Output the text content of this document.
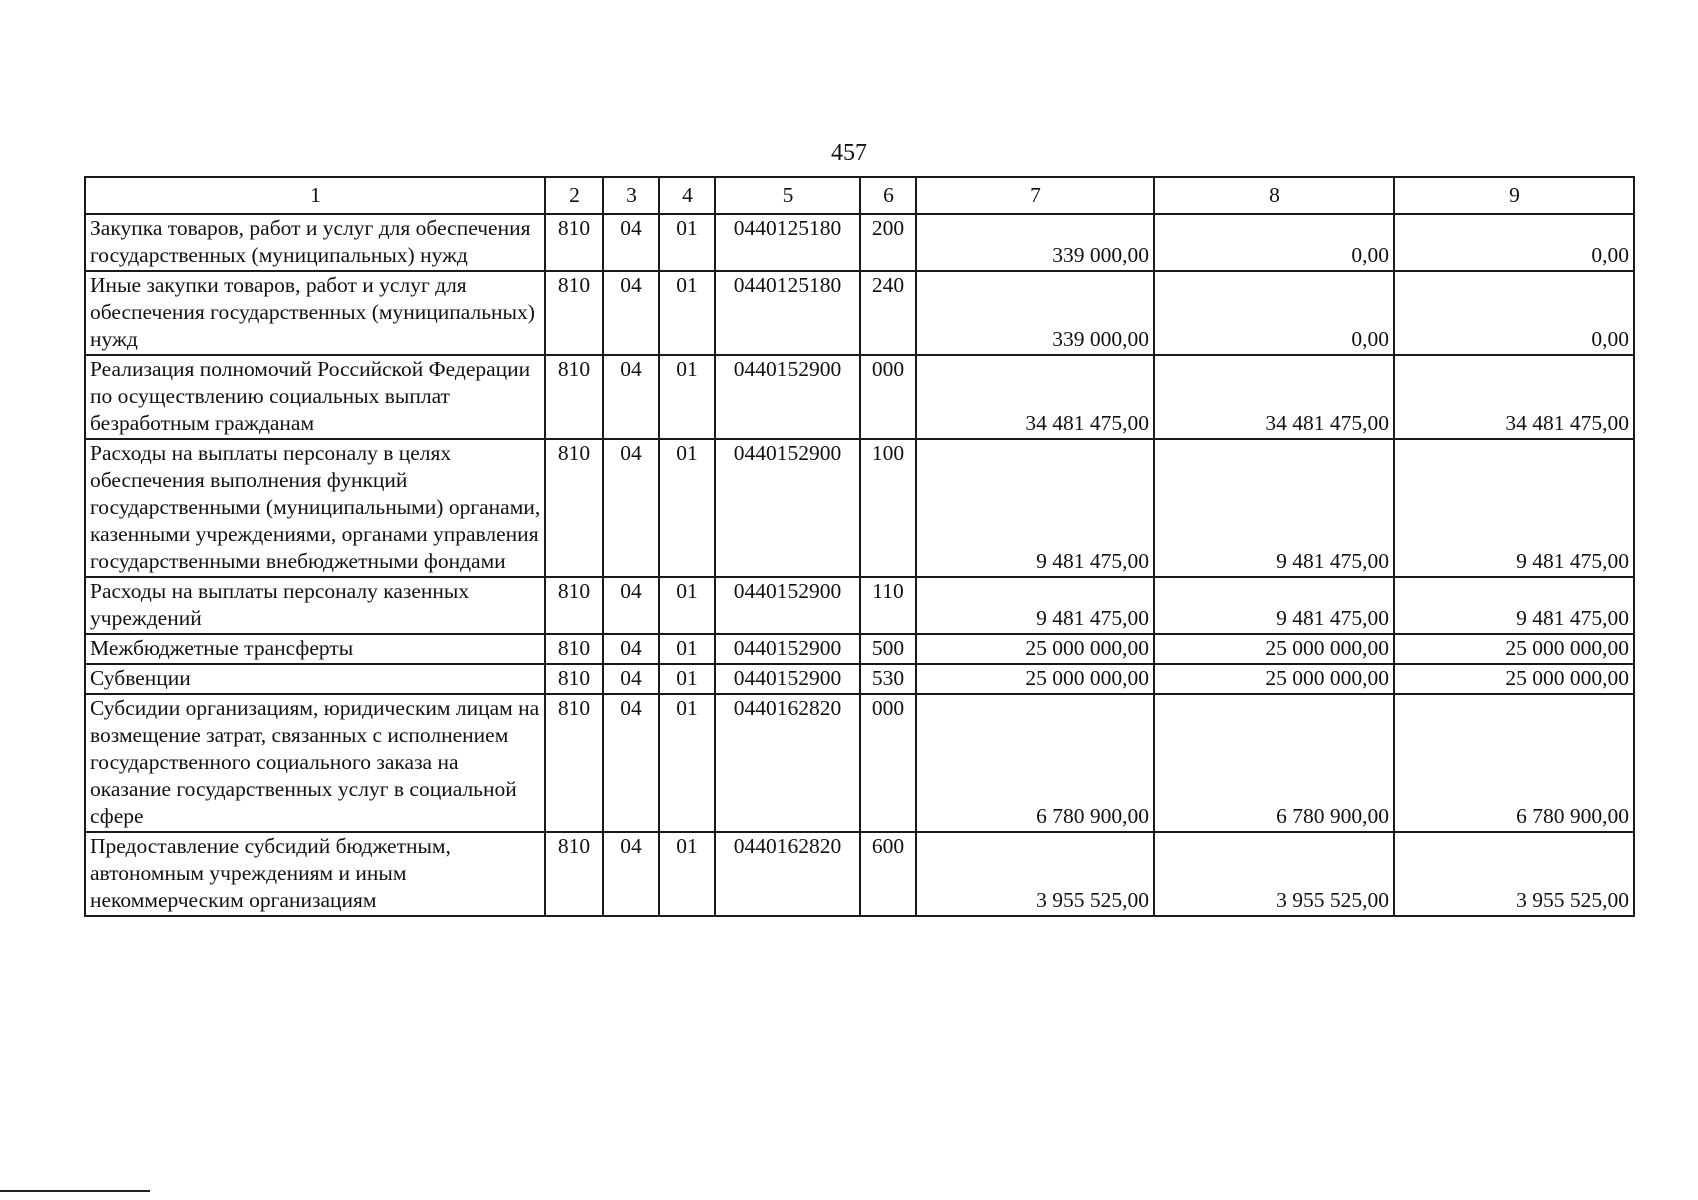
457
1	2	3	4	5	6	7	8	9
Закупка товаров, работ и услуг для обеспечения государственных (муниципальных) нужд	810	04	01	0440125180	200	339 000,00	0,00	0,00
Иные закупки товаров, работ и услуг для обеспечения государственных (муниципальных) нужд	810	04	01	0440125180	240	339 000,00	0,00	0,00
Реализация полномочий Российской Федерации по осуществлению социальных выплат безработным гражданам	810	04	01	0440152900	000	34 481 475,00	34 481 475,00	34 481 475,00
Расходы на выплаты персоналу в целях обеспечения выполнения функций государственными (муниципальными) органами, казенными учреждениями, органами управления государственными внебюджетными фондами	810	04	01	0440152900	100	9 481 475,00	9 481 475,00	9 481 475,00
Расходы на выплаты персоналу казенных учреждений	810	04	01	0440152900	110	9 481 475,00	9 481 475,00	9 481 475,00
Межбюджетные трансферты	810	04	01	0440152900	500	25 000 000,00	25 000 000,00	25 000 000,00
Субвенции	810	04	01	0440152900	530	25 000 000,00	25 000 000,00	25 000 000,00
Субсидии организациям, юридическим лицам на возмещение затрат, связанных с исполнением государственного социального заказа на оказание государственных услуг в социальной сфере	810	04	01	0440162820	000	6 780 900,00	6 780 900,00	6 780 900,00
Предоставление субсидий бюджетным, автономным учреждениям и иным некоммерческим организациям	810	04	01	0440162820	600	3 955 525,00	3 955 525,00	3 955 525,00
